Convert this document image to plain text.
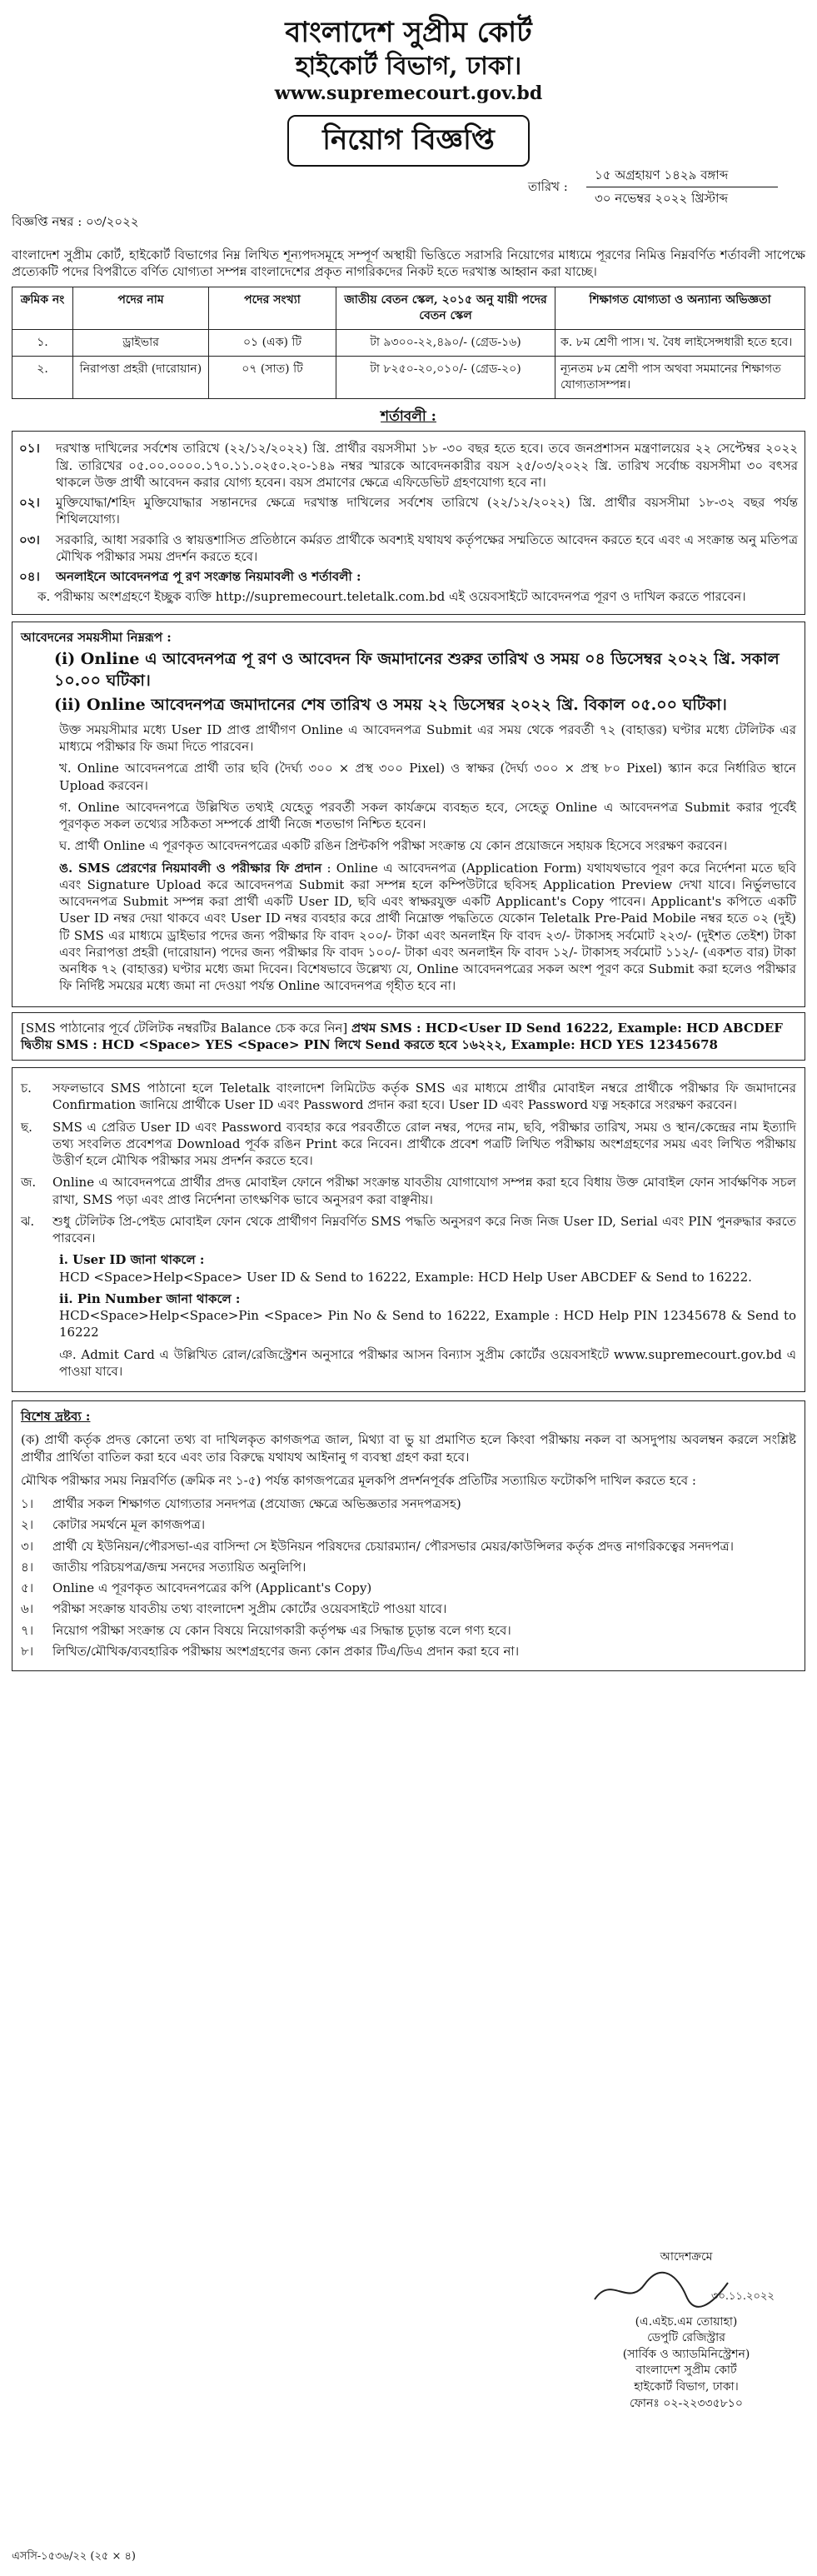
বাংলাদেশ সুপ্রীম কোর্ট
হাইকোর্ট বিভাগ, ঢাকা।
www.supremecourt.gov.bd
নিয়োগ বিজ্ঞপ্তি
বিজ্ঞপ্তি নম্বর : ০৩/২০২২
তারিখ :
১৫ অগ্রহায়ণ ১৪২৯ বঙ্গাব্দ
৩০ নভেম্বর ২০২২ খ্রিস্টাব্দ
বাংলাদেশ সুপ্রীম কোর্ট, হাইকোর্ট বিভাগের নিম্ন লিখিত শূন্যপদসমূহে সম্পূর্ণ অস্থায়ী ভিত্তিতে সরাসরি নিয়োগের মাধ্যমে পূরণের নিমিত্ত নিম্নবর্ণিত শর্তাবলী সাপেক্ষে প্রত্যেকটি পদের বিপরীতে বর্ণিত যোগ্যতা সম্পন্ন বাংলাদেশের প্রকৃত নাগরিকদের নিকট হতে দরখাস্ত আহ্বান করা যাচ্ছে।
ক্রমিক নং	পদের নাম	পদের সংখ্যা	জাতীয় বেতন স্কেল, ২০১৫ অনু যায়ী পদের বেতন স্কেল	শিক্ষাগত যোগ্যতা ও অন্যান্য অভিজ্ঞতা
১.	ড্রাইভার	০১ (এক) টি	টা ৯৩০০-২২,৪৯০/- (গ্রেড-১৬)	ক. ৮ম শ্রেণী পাস। খ. বৈধ লাইসেন্সধারী হতে হবে।
২.	নিরাপত্তা প্রহরী (দারোয়ান)	০৭ (সাত) টি	টা ৮২৫০-২০,০১০/- (গ্রেড-২০)	ন্যূনতম ৮ম শ্রেণী পাস অথবা সমমানের শিক্ষাগত যোগ্যতাসম্পন্ন।
শর্তাবলী :
০১।	দরখাস্ত দাখিলের সর্বশেষ তারিখে (২২/১২/২০২২) খ্রি. প্রার্থীর বয়সসীমা ১৮ -৩০ বছর হতে হবে। তবে জনপ্রশাসন মন্ত্রণালয়ের ২২ সেপ্টেম্বর ২০২২ খ্রি. তারিখের ০৫.০০.০০০০.১৭০.১১.০২৫০.২০-১৪৯ নম্বর স্মারকে আবেদনকারীর বয়স ২৫/০৩/২০২২ খ্রি. তারিখ সর্বোচ্চ বয়সসীমা ৩০ বৎসর থাকলে উক্ত প্রার্থী আবেদন করার যোগ্য হবেন। বয়স প্রমাণের ক্ষেত্রে এফিডেভিট গ্রহণযোগ্য হবে না।
০২।	মুক্তিযোদ্ধা/শহিদ মুক্তিযোদ্ধার সন্তানদের ক্ষেত্রে দরখাস্ত দাখিলের সর্বশেষ তারিখে (২২/১২/২০২২) খ্রি. প্রার্থীর বয়সসীমা ১৮-৩২ বছর পর্যন্ত শিথিলযোগ্য।
০৩।	সরকারি, আধা সরকারি ও স্বায়ত্তশাসিত প্রতিষ্ঠানে কর্মরত প্রার্থীকে অবশ্যই যথাযথ কর্তৃপক্ষের সম্মতিতে আবেদন করতে হবে এবং এ সংক্রান্ত অনু মতিপত্র মৌখিক পরীক্ষার সময় প্রদর্শন করতে হবে।
০৪।	অনলাইনে আবেদনপত্র পূ রণ সংক্রান্ত নিয়মাবলী ও শর্তাবলী :
ক. পরীক্ষায় অংশগ্রহণে ইচ্ছুক ব্যক্তি http://supremecourt.teletalk.com.bd এই ওয়েবসাইটে আবেদনপত্র পূরণ ও দাখিল করতে পারবেন।
আবেদনের সময়সীমা নিম্নরূপ :
(i) Online এ আবেদনপত্র পূ রণ ও আবেদন ফি জমাদানের শুরুর তারিখ ও সময় ০৪ ডিসেম্বর ২০২২ খ্রি. সকাল ১০.০০ ঘটিকা।
(ii) Online আবেদনপত্র জমাদানের শেষ তারিখ ও সময় ২২ ডিসেম্বর ২০২২ খ্রি. বিকাল ০৫.০০ ঘটিকা।
উক্ত সময়সীমার মধ্যে User ID প্রাপ্ত প্রার্থীগণ Online এ আবেদনপত্র Submit এর সময় থেকে পরবর্তী ৭২ (বাহাত্তর) ঘণ্টার মধ্যে টেলিটক এর মাধ্যমে পরীক্ষার ফি জমা দিতে পারবেন।
খ. Online আবেদনপত্রে প্রার্থী তার ছবি (দৈর্ঘ্য ৩০০ × প্রস্থ ৩০০ Pixel) ও স্বাক্ষর (দৈর্ঘ্য ৩০০ × প্রস্থ ৮০ Pixel) স্ক্যান করে নির্ধারিত স্থানে Upload করবেন।
গ. Online আবেদনপত্রে উল্লিখিত তথ্যই যেহেতু পরবর্তী সকল কার্যক্রমে ব্যবহৃত হবে, সেহেতু Online এ আবেদনপত্র Submit করার পূর্বেই পূরণকৃত সকল তথ্যের সঠিকতা সম্পর্কে প্রার্থী নিজে শতভাগ নিশ্চিত হবেন।
ঘ. প্রার্থী Online এ পূরণকৃত আবেদনপত্রের একটি রঙিন প্রিন্টকপি পরীক্ষা সংক্রান্ত যে কোন প্রয়োজনে সহায়ক হিসেবে সংরক্ষণ করবেন।
ঙ. SMS প্রেরণের নিয়মাবলী ও পরীক্ষার ফি প্রদান : Online এ আবেদনপত্র (Application Form) যথাযথভাবে পূরণ করে নির্দেশনা মতে ছবি এবং Signature Upload করে আবেদনপত্র Submit করা সম্পন্ন হলে কম্পিউটারে ছবিসহ Application Preview দেখা যাবে। নির্ভুলভাবে আবেদনপত্র Submit সম্পন্ন করা প্রার্থী একটি User ID, ছবি এবং স্বাক্ষরযুক্ত একটি Applicant's Copy পাবেন। Applicant's কপিতে একটি User ID নম্বর দেয়া থাকবে এবং User ID নম্বর ব্যবহার করে প্রার্থী নিম্নোক্ত পদ্ধতিতে যেকোন Teletalk Pre-Paid Mobile নম্বর হতে ০২ (দুই) টি SMS এর মাধ্যমে ড্রাইভার পদের জন্য পরীক্ষার ফি বাবদ ২০০/- টাকা এবং অনলাইন ফি বাবদ ২৩/- টাকাসহ সর্বমোট ২২৩/- (দুইশত তেইশ) টাকা এবং নিরাপত্তা প্রহরী (দারোয়ান) পদের জন্য পরীক্ষার ফি বাবদ ১০০/- টাকা এবং অনলাইন ফি বাবদ ১২/- টাকাসহ সর্বমোট ১১২/- (একশত বার) টাকা অনধিক ৭২ (বাহাত্তর) ঘণ্টার মধ্যে জমা দিবেন। বিশেষভাবে উল্লেখ্য যে, Online আবেদনপত্রের সকল অংশ পূরণ করে Submit করা হলেও পরীক্ষার ফি নির্দিষ্ট সময়ের মধ্যে জমা না দেওয়া পর্যন্ত Online আবেদনপত্র গৃহীত হবে না।
[SMS পাঠানোর পূর্বে টেলিটক নম্বরটির Balance চেক করে নিন] প্রথম SMS : HCD<User ID Send 16222, Example: HCD ABCDEF দ্বিতীয় SMS : HCD <Space> YES <Space> PIN লিখে Send করতে হবে ১৬২২২, Example: HCD YES 12345678
চ.	সফলভাবে SMS পাঠানো হলে Teletalk বাংলাদেশ লিমিটেড কর্তৃক SMS এর মাধ্যমে প্রার্থীর মোবাইল নম্বরে প্রার্থীকে পরীক্ষার ফি জমাদানের Confirmation জানিয়ে প্রার্থীকে User ID এবং Password প্রদান করা হবে। User ID এবং Password যত্ন সহকারে সংরক্ষণ করবেন।
ছ.	SMS এ প্রেরিত User ID এবং Password ব্যবহার করে পরবর্তীতে রোল নম্বর, পদের নাম, ছবি, পরীক্ষার তারিখ, সময় ও স্থান/কেন্দ্রের নাম ইত্যাদি তথ্য সংবলিত প্রবেশপত্র Download পূর্বক রঙিন Print করে নিবেন। প্রার্থীকে প্রবেশ পত্রটি লিখিত পরীক্ষায় অংশগ্রহণের সময় এবং লিখিত পরীক্ষায় উত্তীর্ণ হলে মৌখিক পরীক্ষার সময় প্রদর্শন করতে হবে।
জ.	Online এ আবেদনপত্রে প্রার্থীর প্রদত্ত মোবাইল ফোনে পরীক্ষা সংক্রান্ত যাবতীয় যোগাযোগ সম্পন্ন করা হবে বিধায় উক্ত মোবাইল ফোন সার্বক্ষণিক সচল রাখা, SMS পড়া এবং প্রাপ্ত নির্দেশনা তাৎক্ষণিক ভাবে অনুসরণ করা বাঞ্ছনীয়।
ঝ.	শুধু টেলিটক প্রি-পেইড মোবাইল ফোন থেকে প্রার্থীগণ নিম্নবর্ণিত SMS পদ্ধতি অনুসরণ করে নিজ নিজ User ID, Serial এবং PIN পুনরুদ্ধার করতে পারবেন।
i. User ID জানা থাকলে :
HCD <Space>Help<Space> User ID & Send to 16222, Example: HCD Help User ABCDEF & Send to 16222.
ii. Pin Number জানা থাকলে :
HCD<Space>Help<Space>Pin <Space> Pin No & Send to 16222, Example : HCD Help PIN 12345678 & Send to 16222
ঞ. Admit Card এ উল্লিখিত রোল/রেজিস্ট্রেশন অনুসারে পরীক্ষার আসন বিন্যাস সুপ্রীম কোর্টের ওয়েবসাইটে www.supremecourt.gov.bd এ পাওয়া যাবে।
বিশেষ দ্রষ্টব্য :
(ক) প্রার্থী কর্তৃক প্রদত্ত কোনো তথ্য বা দাখিলকৃত কাগজপত্র জাল, মিথ্যা বা ভু য়া প্রমাণিত হলে কিংবা পরীক্ষায় নকল বা অসদুপায় অবলম্বন করলে সংশ্লিষ্ট প্রার্থীর প্রার্থিতা বাতিল করা হবে এবং তার বিরুদ্ধে যথাযথ আইনানু গ ব্যবস্থা গ্রহণ করা হবে।
মৌখিক পরীক্ষার সময় নিম্নবর্ণিত (ক্রমিক নং ১-৫) পর্যন্ত কাগজপত্রের মূলকপি প্রদর্শনপূর্বক প্রতিটির সত্যায়িত ফটোকপি দাখিল করতে হবে :
১।	প্রার্থীর সকল শিক্ষাগত যোগ্যতার সনদপত্র (প্রযোজ্য ক্ষেত্রে অভিজ্ঞতার সনদপত্রসহ)
২।	কোটার সমর্থনে মূল কাগজপত্র।
৩।	প্রার্থী যে ইউনিয়ন/পৌরসভা-এর বাসিন্দা সে ইউনিয়ন পরিষদের চেয়ারম্যান/ পৌরসভার মেয়র/কাউন্সিলর কর্তৃক প্রদত্ত নাগরিকত্বের সনদপত্র।
৪।	জাতীয় পরিচয়পত্র/জন্ম সনদের সত্যায়িত অনুলিপি।
৫।	Online এ পূরণকৃত আবেদনপত্রের কপি (Applicant's Copy)
৬।	পরীক্ষা সংক্রান্ত যাবতীয় তথ্য বাংলাদেশ সুপ্রীম কোর্টের ওয়েবসাইটে পাওয়া যাবে।
৭।	নিয়োগ পরীক্ষা সংক্রান্ত যে কোন বিষয়ে নিয়োগকারী কর্তৃপক্ষ এর সিদ্ধান্ত চূড়ান্ত বলে গণ্য হবে।
৮।	লিখিত/মৌখিক/ব্যবহারিক পরীক্ষায় অংশগ্রহণের জন্য কোন প্রকার টিএ/ডিএ প্রদান করা হবে না।
আদেশক্রমে
৩০.১১.২০২২
(এ.এইচ.এম তোয়াহা)
ডেপুটি রেজিস্ট্রার
(সার্বিক ও অ্যাডমিনিস্ট্রেশন)
বাংলাদেশ সুপ্রীম কোর্ট
হাইকোর্ট বিভাগ, ঢাকা।
ফোনঃ ০২-২২৩৩৫৮১০
এসসি-১৫৩৬/২২ (২৫ × ৪)
